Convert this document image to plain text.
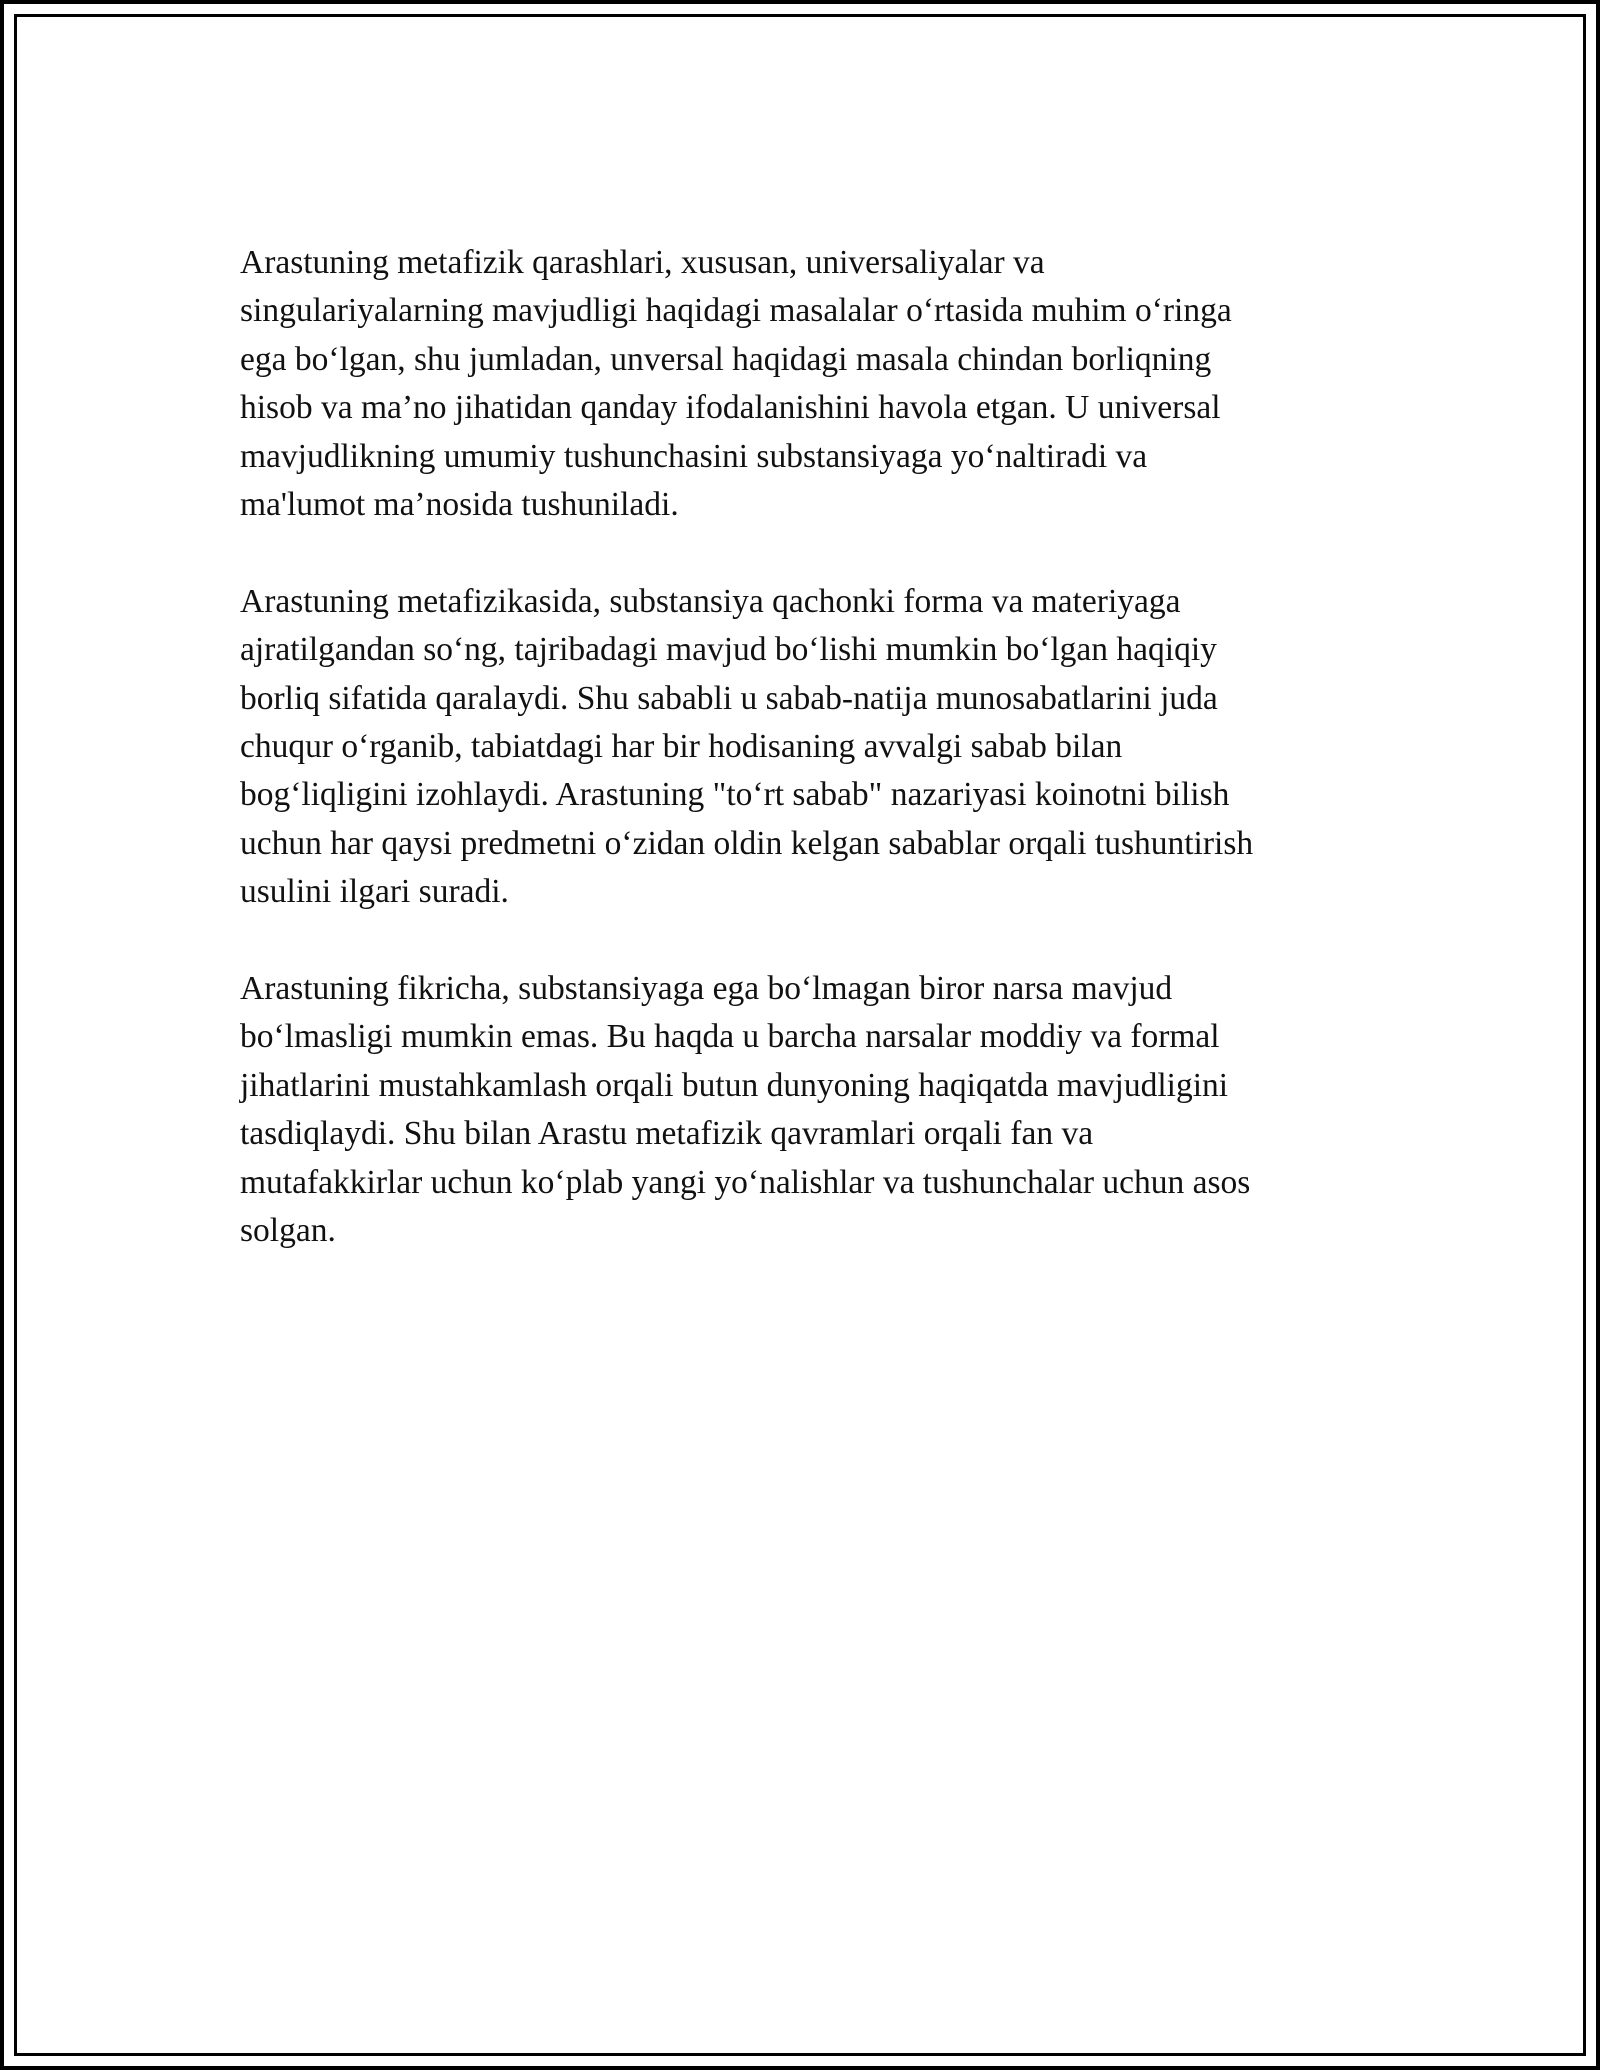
Arastuning metafizik qarashlari, xususan, universaliyalar va
singulariyalarning mavjudligi haqidagi masalalar o‘rtasida muhim o‘ringa
ega bo‘lgan, shu jumladan, unversal haqidagi masala chindan borliqning
hisob va ma’no jihatidan qanday ifodalanishini havola etgan. U universal
mavjudlikning umumiy tushunchasini substansiyaga yo‘naltiradi va
ma'lumot ma’nosida tushuniladi.

Arastuning metafizikasida, substansiya qachonki forma va materiyaga
ajratilgandan so‘ng, tajribadagi mavjud bo‘lishi mumkin bo‘lgan haqiqiy
borliq sifatida qaralaydi. Shu sababli u sabab-natija munosabatlarini juda
chuqur o‘rganib, tabiatdagi har bir hodisaning avvalgi sabab bilan
bog‘liqligini izohlaydi. Arastuning "to‘rt sabab" nazariyasi koinotni bilish
uchun har qaysi predmetni o‘zidan oldin kelgan sabablar orqali tushuntirish
usulini ilgari suradi.

Arastuning fikricha, substansiyaga ega bo‘lmagan biror narsa mavjud
bo‘lmasligi mumkin emas. Bu haqda u barcha narsalar moddiy va formal
jihatlarini mustahkamlash orqali butun dunyoning haqiqatda mavjudligini
tasdiqlaydi. Shu bilan Arastu metafizik qavramlari orqali fan va
mutafakkirlar uchun ko‘plab yangi yo‘nalishlar va tushunchalar uchun asos
solgan.
